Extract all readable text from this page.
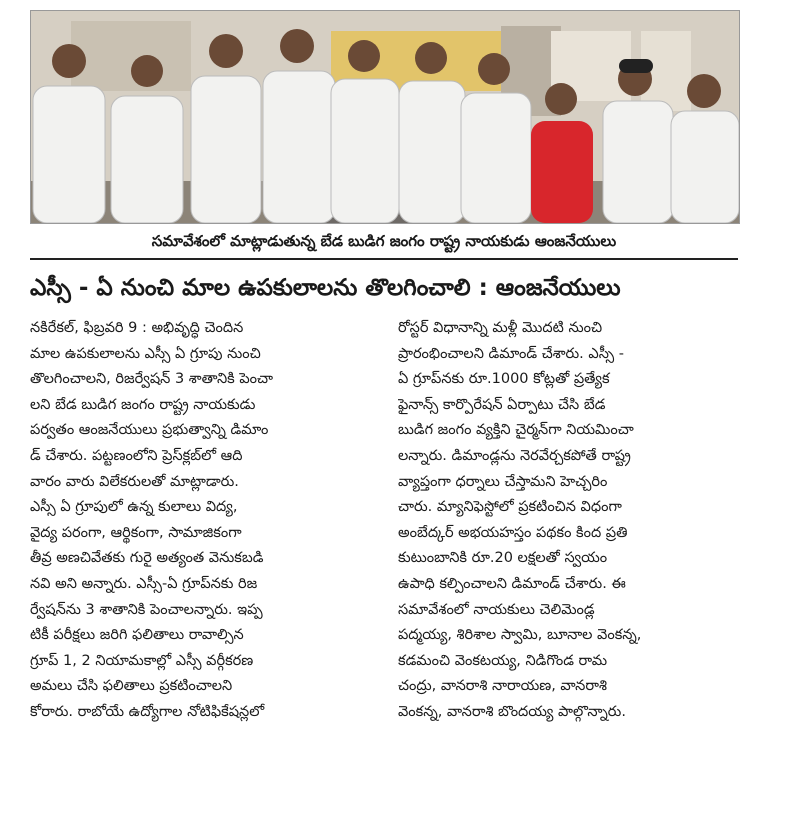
సమావేశంలో మాట్లాడుతున్న బేడ బుడిగ జంగం రాష్ట్ర నాయకుడు ఆంజనేయులు
ఎస్సీ - ఏ నుంచి మాల ఉపకులాలను తొలగించాలి : ఆంజనేయులు

నకిరేకల్, ఫిబ్రవరి 9 : అభివృద్ధి చెందిన

మాల ఉపకులాలను ఎస్సీ ఏ గ్రూపు నుంచి

తొలగించాలని, రిజర్వేషన్ 3 శాతానికి పెంచా

లని బేడ బుడిగ జంగం రాష్ట్ర నాయకుడు

పర్వతం ఆంజనేయులు ప్రభుత్వాన్ని డిమాం

డ్ చేశారు. పట్టణంలోని ప్రెస్‌క్లబ్‌లో ఆది

వారం వారు విలేకరులతో మాట్లాడారు.

ఎస్సీ ఏ గ్రూపులో ఉన్న కులాలు విద్య,

వైద్య పరంగా, ఆర్థికంగా, సామాజికంగా

తీవ్ర అణచివేతకు గురై అత్యంత వెనుకబడి

నవి అని అన్నారు. ఎస్సీ-ఏ గ్రూప్‌నకు రిజ

ర్వేషన్‌ను 3 శాతానికి పెంచాలన్నారు. ఇప్ప

టికీ పరీక్షలు జరిగి ఫలితాలు రావాల్సిన

గ్రూప్ 1, 2 నియామకాల్లో ఎస్సీ వర్గీకరణ

అమలు చేసి ఫలితాలు ప్రకటించాలని

కోరారు. రాబోయే ఉద్యోగాల నోటిఫికేషన్లలో

రోస్టర్ విధానాన్ని మళ్లీ మొదటి నుంచి

ప్రారంభించాలని డిమాండ్ చేశారు. ఎస్సీ -

ఏ గ్రూప్‌నకు రూ.1000 కోట్లతో ప్రత్యేక

ఫైనాన్స్ కార్పొరేషన్ ఏర్పాటు చేసి బేడ

బుడిగ జంగం వ్యక్తిని చైర్మన్‌గా నియమించా

లన్నారు. డిమాండ్లను నెరవేర్చకపోతే రాష్ట్ర

వ్యాప్తంగా ధర్నాలు చేస్తామని హెచ్చరిం

చారు. మ్యానిఫెస్టోలో ప్రకటించిన విధంగా

అంబేద్కర్ అభయహస్తం పథకం కింద ప్రతి

కుటుంబానికి రూ.20 లక్షలతో స్వయం

ఉపాధి కల్పించాలని డిమాండ్ చేశారు. ఈ

సమావేశంలో నాయకులు చెలిమెండ్ల

పద్మయ్య, శిరిశాల స్వామి, బూనాల వెంకన్న,

కడమంచి వెంకటయ్య, నిడిగొండ రామ

చంద్రు, వానరాశి నారాయణ, వానరాశి

వెంకన్న, వానరాశి బొందయ్య పాల్గొన్నారు.
